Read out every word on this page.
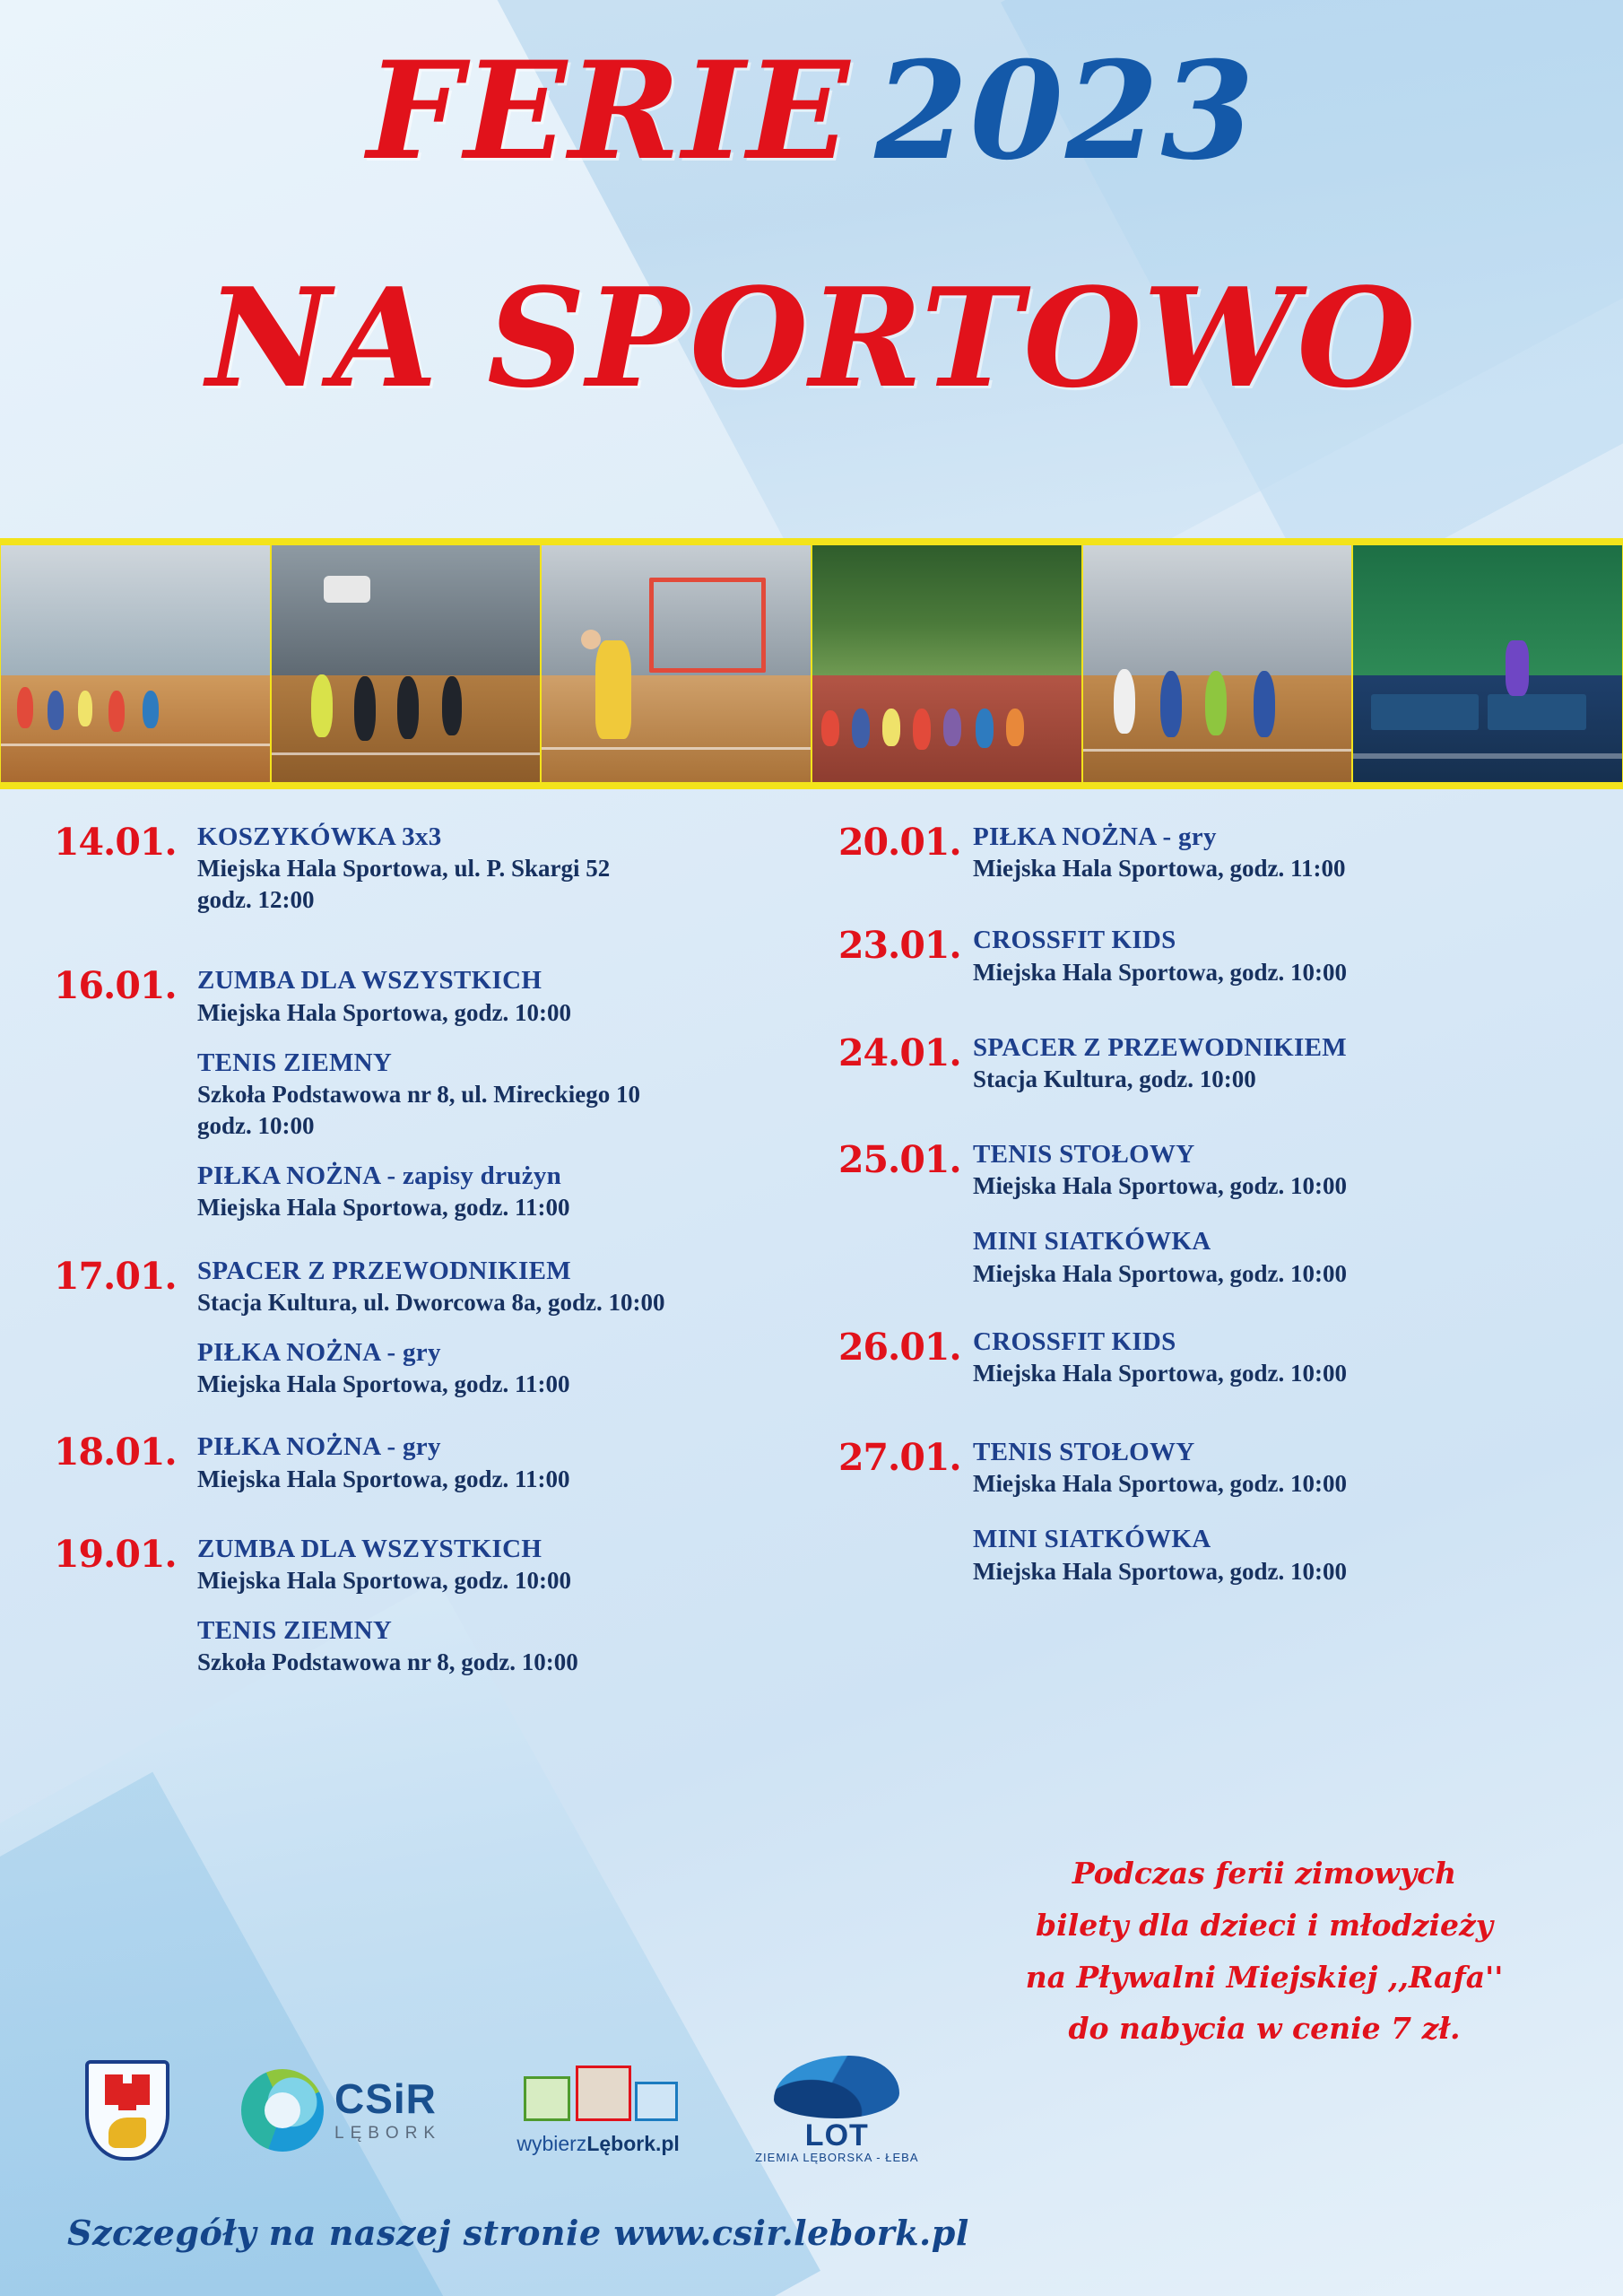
FERIE 2023
NA SPORTOWO
14.01. KOSZYKÓWKA 3x3
Miejska Hala Sportowa, ul. P. Skargi 52
godz. 12:00
16.01. ZUMBA DLA WSZYSTKICH
Miejska Hala Sportowa, godz. 10:00
TENIS ZIEMNY
Szkoła Podstawowa nr 8, ul. Mireckiego 10
godz. 10:00
PIŁKA NOŻNA - zapisy drużyn
Miejska Hala Sportowa, godz. 11:00
17.01. SPACER Z PRZEWODNIKIEM
Stacja Kultura, ul. Dworcowa 8a, godz. 10:00
PIŁKA NOŻNA - gry
Miejska Hala Sportowa, godz. 11:00
18.01. PIŁKA NOŻNA - gry
Miejska Hala Sportowa, godz. 11:00
19.01. ZUMBA DLA WSZYSTKICH
Miejska Hala Sportowa, godz. 10:00
TENIS ZIEMNY
Szkoła Podstawowa nr 8, godz. 10:00
20.01. PIŁKA NOŻNA - gry
Miejska Hala Sportowa, godz. 11:00
23.01. CROSSFIT KIDS
Miejska Hala Sportowa, godz. 10:00
24.01. SPACER Z PRZEWODNIKIEM
Stacja Kultura, godz. 10:00
25.01. TENIS STOŁOWY
Miejska Hala Sportowa, godz. 10:00
MINI SIATKÓWKA
Miejska Hala Sportowa, godz. 10:00
26.01. CROSSFIT KIDS
Miejska Hala Sportowa, godz. 10:00
27.01. TENIS STOŁOWY
Miejska Hala Sportowa, godz. 10:00
MINI SIATKÓWKA
Miejska Hala Sportowa, godz. 10:00
Podczas ferii zimowych
bilety dla dzieci i młodzieży
na Pływalni Miejskiej ,,Rafa''
do nabycia w cenie 7 zł.
CSiR
LĘBORK	wybierzLębork.pl	LOT
ZIEMIA LĘBORSKA - ŁEBA
Szczegóły na naszej stronie www.csir.lebork.pl
